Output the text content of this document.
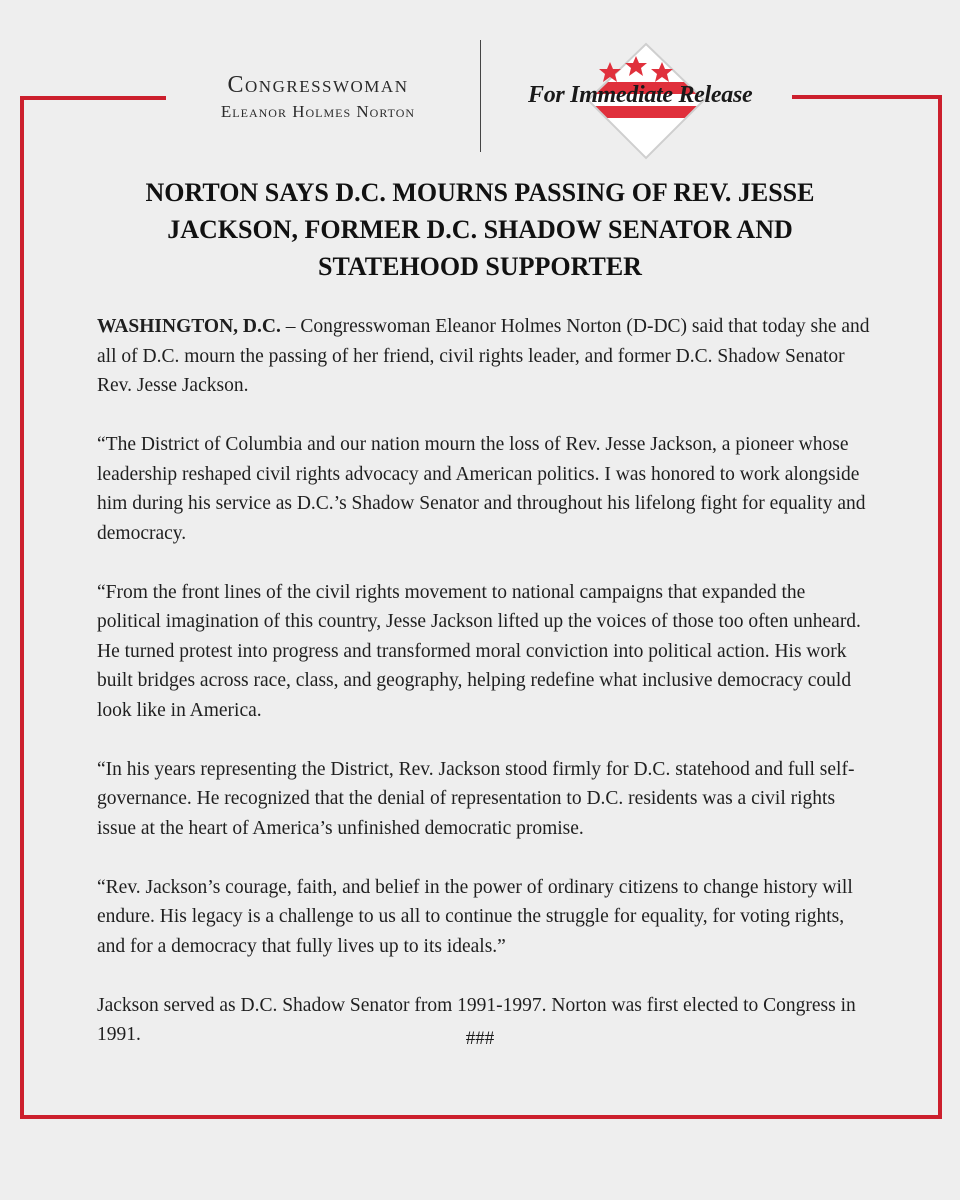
Congresswoman
Eleanor Holmes Norton
For Immediate Release
NORTON SAYS D.C. MOURNS PASSING OF REV. JESSE JACKSON, FORMER D.C. SHADOW SENATOR AND STATEHOOD SUPPORTER

WASHINGTON, D.C. – Congresswoman Eleanor Holmes Norton (D-DC) said that today she and all of D.C. mourn the passing of her friend, civil rights leader, and former D.C. Shadow Senator Rev. Jesse Jackson.

“The District of Columbia and our nation mourn the loss of Rev. Jesse Jackson, a pioneer whose leadership reshaped civil rights advocacy and American politics. I was honored to work alongside him during his service as D.C.’s Shadow Senator and throughout his lifelong fight for equality and democracy.

“From the front lines of the civil rights movement to national campaigns that expanded the political imagination of this country, Jesse Jackson lifted up the voices of those too often unheard. He turned protest into progress and transformed moral conviction into political action. His work built bridges across race, class, and geography, helping redefine what inclusive democracy could look like in America.

“In his years representing the District, Rev. Jackson stood firmly for D.C. statehood and full self-governance. He recognized that the denial of representation to D.C. residents was a civil rights issue at the heart of America’s unfinished democratic promise.

“Rev. Jackson’s courage, faith, and belief in the power of ordinary citizens to change history will endure. His legacy is a challenge to us all to continue the struggle for equality, for voting rights, and for a democracy that fully lives up to its ideals.”

Jackson served as D.C. Shadow Senator from 1991-1997. Norton was first elected to Congress in 1991.	###
